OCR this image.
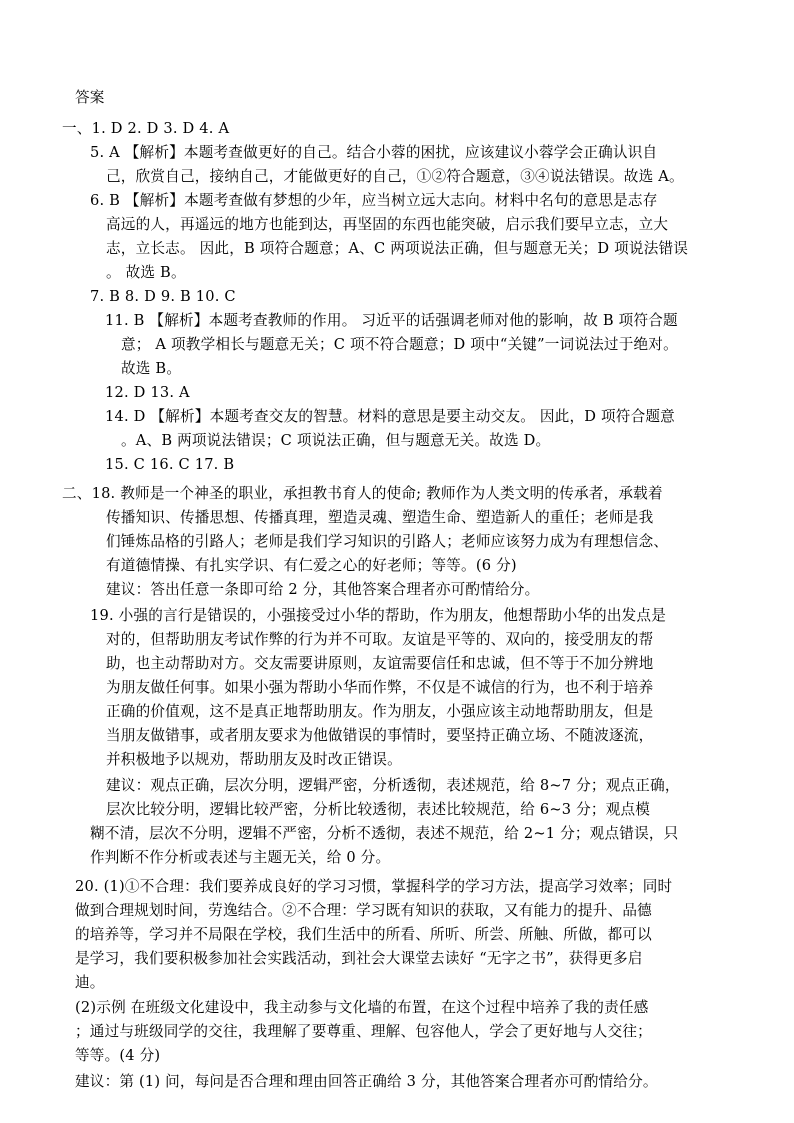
答案
一、1. D 2. D 3. D 4. A
5. A 【解析】本题考查做更好的自己。结合小蓉的困扰，应该建议小蓉学会正确认识自
己，欣赏自己，接纳自己，才能做更好的自己，①②符合题意，③④说法错误。故选 A。
6. B 【解析】本题考查做有梦想的少年，应当树立远大志向。材料中名句的意思是志存
高远的人，再遥远的地方也能到达，再坚固的东西也能突破，启示我们要早立志，立大
志，立长志。 因此，B 项符合题意；A、C 两项说法正确，但与题意无关；D 项说法错误
。 故选 B。
7. B 8. D 9. B 10. C
11. B 【解析】本题考查教师的作用。 习近平的话强调老师对他的影响，故 B 项符合题
意； A 项教学相长与题意无关；C 项不符合题意；D 项中“关键”一词说法过于绝对。
故选 B。
12. D 13. A
14. D 【解析】本题考查交友的智慧。材料的意思是要主动交友。 因此，D 项符合题意
。A、B 两项说法错误；C 项说法正确，但与题意无关。故选 D。
15. C 16. C 17. B
二、18. 教师是一个神圣的职业，承担教书育人的使命; 教师作为人类文明的传承者，承载着
传播知识、传播思想、传播真理，塑造灵魂、塑造生命、塑造新人的重任；老师是我
们锤炼品格的引路人；老师是我们学习知识的引路人；老师应该努力成为有理想信念、
有道德情操、有扎实学识、有仁爱之心的好老师；等等。(6 分)
建议：答出任意一条即可给 2 分，其他答案合理者亦可酌情给分。
19. 小强的言行是错误的，小强接受过小华的帮助，作为朋友，他想帮助小华的出发点是
对的，但帮助朋友考试作弊的行为并不可取。友谊是平等的、双向的，接受朋友的帮
助，也主动帮助对方。交友需要讲原则，友谊需要信任和忠诚，但不等于不加分辨地
为朋友做任何事。如果小强为帮助小华而作弊，不仅是不诚信的行为，也不利于培养
正确的价值观，这不是真正地帮助朋友。作为朋友，小强应该主动地帮助朋友，但是
当朋友做错事，或者朋友要求为他做错误的事情时，要坚持正确立场、不随波逐流，
并积极地予以规劝，帮助朋友及时改正错误。
建议：观点正确，层次分明，逻辑严密，分析透彻，表述规范，给 8~7 分；观点正确，
层次比较分明，逻辑比较严密，分析比较透彻，表述比较规范，给 6~3 分；观点模
糊不清，层次不分明，逻辑不严密，分析不透彻，表述不规范，给 2~1 分；观点错误，只
作判断不作分析或表述与主题无关，给 0 分。
20. (1)①不合理：我们要养成良好的学习习惯，掌握科学的学习方法，提高学习效率；同时
做到合理规划时间，劳逸结合。②不合理：学习既有知识的获取，又有能力的提升、品德
的培养等，学习并不局限在学校，我们生活中的所看、所听、所尝、所触、所做，都可以
是学习，我们要积极参加社会实践活动，到社会大课堂去读好 “无字之书”，获得更多启
迪。
(2)示例 在班级文化建设中，我主动参与文化墙的布置，在这个过程中培养了我的责任感
；通过与班级同学的交往，我理解了要尊重、理解、包容他人，学会了更好地与人交往；
等等。(4 分)
建议：第 (1) 问，每问是否合理和理由回答正确给 3 分，其他答案合理者亦可酌情给分。
